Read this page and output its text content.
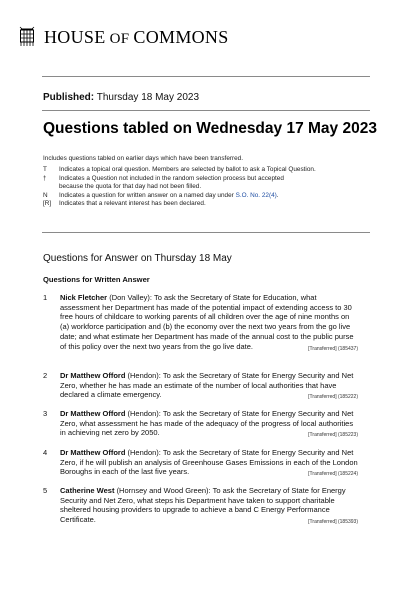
HOUSE OF COMMONS
Published: Thursday 18 May 2023
Questions tabled on Wednesday 17 May 2023
Includes questions tabled on earlier days which have been transferred.
T	Indicates a topical oral question. Members are selected by ballot to ask a Topical Question.
†	Indicates a Question not included in the random selection process but accepted because the quota for that day had not been filled.
N	Indicates a question for written answer on a named day under S.O. No. 22(4).
[R]	Indicates that a relevant interest has been declared.
Questions for Answer on Thursday 18 May
Questions for Written Answer
1 Nick Fletcher (Don Valley): To ask the Secretary of State for Education, what assessment her Department has made of the potential impact of extending access to 30 free hours of childcare to working parents of all children over the age of nine months on (a) workforce participation and (b) the economy over the next two years from the go live date; and what estimate her Department has made of the annual cost to the public purse of this policy over the next two years from the go live date.	[Transferred] (185437)
2 Dr Matthew Offord (Hendon): To ask the Secretary of State for Energy Security and Net Zero, whether he has made an estimate of the number of local authorities that have declared a climate emergency.	[Transferred] (185222)
3 Dr Matthew Offord (Hendon): To ask the Secretary of State for Energy Security and Net Zero, what assessment he has made of the adequacy of the progress of local authorities in achieving net zero by 2050.	[Transferred] (185223)
4 Dr Matthew Offord (Hendon): To ask the Secretary of State for Energy Security and Net Zero, if he will publish an analysis of Greenhouse Gases Emissions in each of the London Boroughs in each of the last five years.	[Transferred] (185224)
5 Catherine West (Hornsey and Wood Green): To ask the Secretary of State for Energy Security and Net Zero, what steps his Department have taken to support charitable sheltered housing providers to upgrade to achieve a band C Energy Performance Certificate.	[Transferred] (185393)
